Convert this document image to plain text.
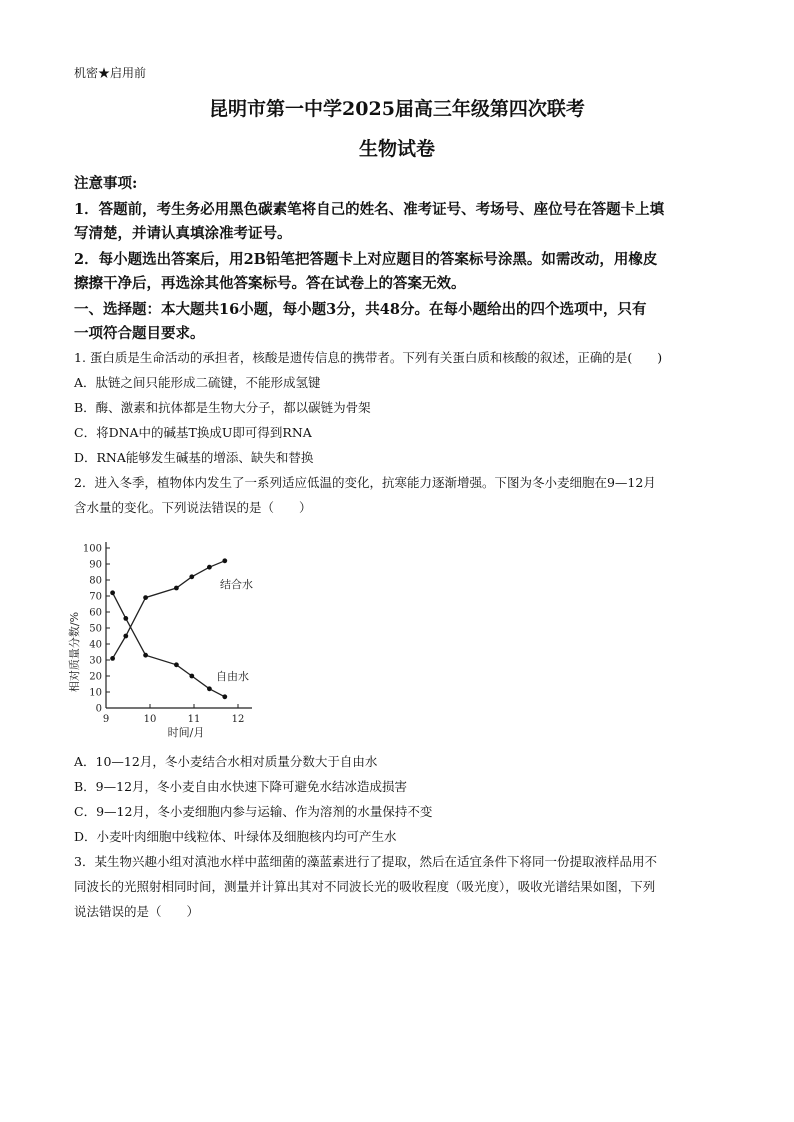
机密★启用前
昆明市第一中学2025届高三年级第四次联考
生物试卷
注意事项:
1．答题前，考生务必用黑色碳素笔将自己的姓名、准考证号、考场号、座位号在答题卡上填
写清楚，并请认真填涂准考证号。
2．每小题选出答案后，用2B铅笔把答题卡上对应题目的答案标号涂黑。如需改动，用橡皮
擦擦干净后，再选涂其他答案标号。答在试卷上的答案无效。
一、选择题：本大题共16小题，每小题3分，共48分。在每小题给出的四个选项中，只有
一项符合题目要求。
1. 蛋白质是生命活动的承担者，核酸是遗传信息的携带者。下列有关蛋白质和核酸的叙述，正确的是(　　)
A．肽链之间只能形成二硫键，不能形成氢键
B．酶、激素和抗体都是生物大分子，都以碳链为骨架
C．将DNA中的碱基T换成U即可得到RNA
D．RNA能够发生碱基的增添、缺失和替换
2．进入冬季，植物体内发生了一系列适应低温的变化，抗寒能力逐渐增强。下图为冬小麦细胞在9—12月
含水量的变化。下列说法错误的是（　　）
0
10
20
30
40
50
60
70
80
90
100
9	10	11	12
相对质量分数/%
时间/月
结合水
自由水
A．10—12月，冬小麦结合水相对质量分数大于自由水
B．9—12月，冬小麦自由水快速下降可避免水结冰造成损害
C．9—12月，冬小麦细胞内参与运输、作为溶剂的水量保持不变
D．小麦叶肉细胞中线粒体、叶绿体及细胞核内均可产生水
3．某生物兴趣小组对滇池水样中蓝细菌的藻蓝素进行了提取，然后在适宜条件下将同一份提取液样品用不
同波长的光照射相同时间，测量并计算出其对不同波长光的吸收程度（吸光度），吸收光谱结果如图，下列
说法错误的是（　　）
